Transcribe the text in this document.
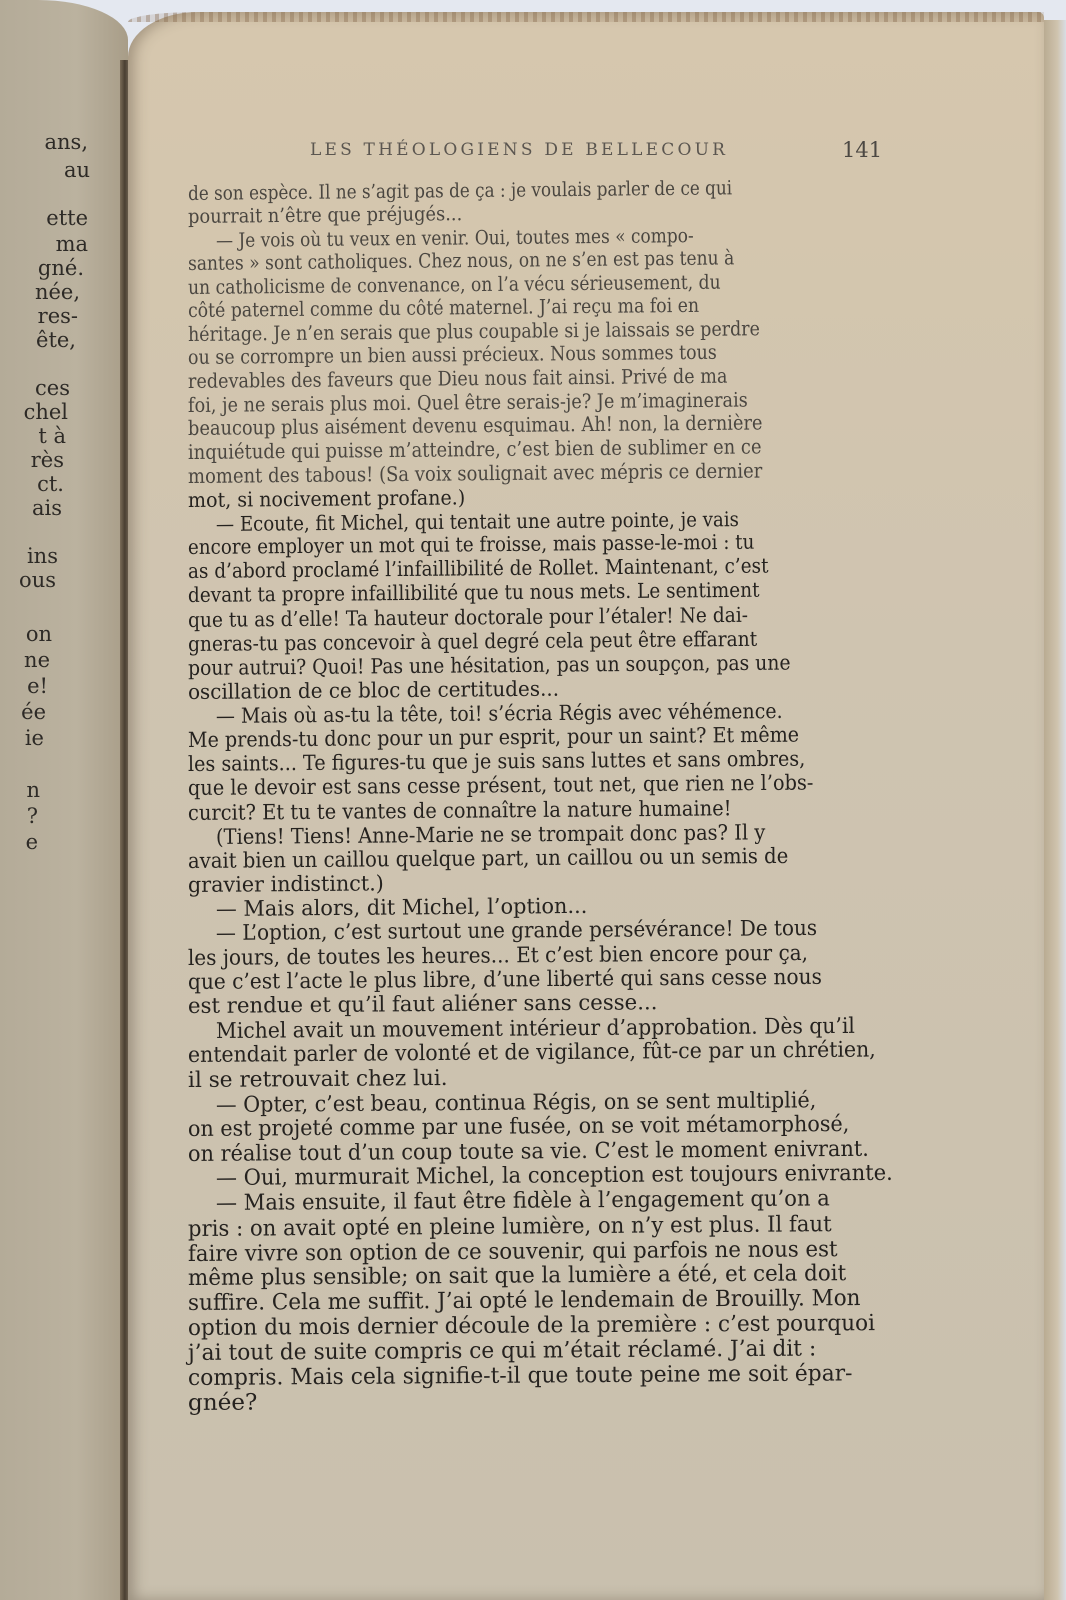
ans,
au
ette
ma
gné.
née,
res-
ête,
ces
chel
t à
rès
ct.
ais
ins
ous
on
ne
e!
ée
ie
n
?
e
LES THÉOLOGIENS DE BELLECOUR	141
de son espèce. Il ne s’agit pas de ça : je voulais parler de ce qui
pourrait n’être que préjugés...
— Je vois où tu veux en venir. Oui, toutes mes « compo-
santes » sont catholiques. Chez nous, on ne s’en est pas tenu à
un catholicisme de convenance, on l’a vécu sérieusement, du
côté paternel comme du côté maternel. J’ai reçu ma foi en
héritage. Je n’en serais que plus coupable si je laissais se perdre
ou se corrompre un bien aussi précieux. Nous sommes tous
redevables des faveurs que Dieu nous fait ainsi. Privé de ma
foi, je ne serais plus moi. Quel être serais-je? Je m’imaginerais
beaucoup plus aisément devenu esquimau. Ah! non, la dernière
inquiétude qui puisse m’atteindre, c’est bien de sublimer en ce
moment des tabous! (Sa voix soulignait avec mépris ce dernier
mot, si nocivement profane.)
— Ecoute, fit Michel, qui tentait une autre pointe, je vais
encore employer un mot qui te froisse, mais passe-le-moi : tu
as d’abord proclamé l’infaillibilité de Rollet. Maintenant, c’est
devant ta propre infaillibilité que tu nous mets. Le sentiment
que tu as d’elle! Ta hauteur doctorale pour l’étaler! Ne dai-
gneras-tu pas concevoir à quel degré cela peut être effarant
pour autrui? Quoi! Pas une hésitation, pas un soupçon, pas une
oscillation de ce bloc de certitudes...
— Mais où as-tu la tête, toi! s’écria Régis avec véhémence.
Me prends-tu donc pour un pur esprit, pour un saint? Et même
les saints... Te figures-tu que je suis sans luttes et sans ombres,
que le devoir est sans cesse présent, tout net, que rien ne l’obs-
curcit? Et tu te vantes de connaître la nature humaine!
(Tiens! Tiens! Anne-Marie ne se trompait donc pas? Il y
avait bien un caillou quelque part, un caillou ou un semis de
gravier indistinct.)
— Mais alors, dit Michel, l’option...
— L’option, c’est surtout une grande persévérance! De tous
les jours, de toutes les heures... Et c’est bien encore pour ça,
que c’est l’acte le plus libre, d’une liberté qui sans cesse nous
est rendue et qu’il faut aliéner sans cesse...
Michel avait un mouvement intérieur d’approbation. Dès qu’il
entendait parler de volonté et de vigilance, fût-ce par un chrétien,
il se retrouvait chez lui.
— Opter, c’est beau, continua Régis, on se sent multiplié,
on est projeté comme par une fusée, on se voit métamorphosé,
on réalise tout d’un coup toute sa vie. C’est le moment enivrant.
— Oui, murmurait Michel, la conception est toujours enivrante.
— Mais ensuite, il faut être fidèle à l’engagement qu’on a
pris : on avait opté en pleine lumière, on n’y est plus. Il faut
faire vivre son option de ce souvenir, qui parfois ne nous est
même plus sensible; on sait que la lumière a été, et cela doit
suffire. Cela me suffit. J’ai opté le lendemain de Brouilly. Mon
option du mois dernier découle de la première : c’est pourquoi
j’ai tout de suite compris ce qui m’était réclamé. J’ai dit :
compris. Mais cela signifie-t-il que toute peine me soit épar-
gnée?
